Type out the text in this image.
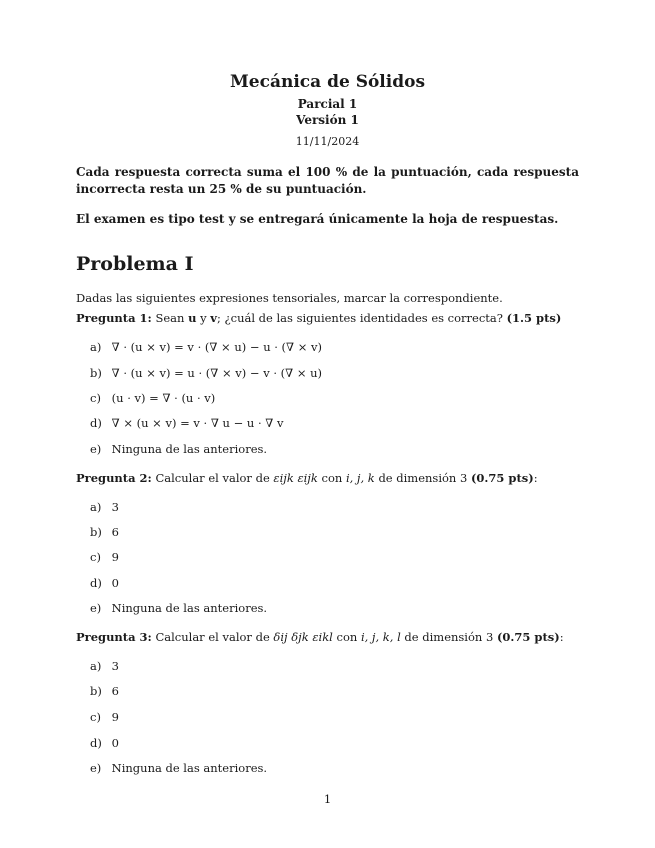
Mecánica de Sólidos
Parcial 1
Versión 1
11/11/2024
Cada respuesta correcta suma el 100 % de la puntuación, cada respuesta incorrecta resta un 25 % de su puntuación.
El examen es tipo test y se entregará únicamente la hoja de respuestas.
Problema I
Dadas las siguientes expresiones tensoriales, marcar la correspondiente.
Pregunta 1: Sean u y v; ¿cuál de las siguientes identidades es correcta? (1.5 pts)
a) ∇ · (u × v) = v · (∇ × u) − u · (∇ × v)
b) ∇ · (u × v) = u · (∇ × v) − v · (∇ × u)
c) (u · v) = ∇ · (u · v)
d) ∇ × (u × v) = v · ∇ u − u · ∇ v
e) Ninguna de las anteriores.
Pregunta 2: Calcular el valor de εijk εijk con i, j, k de dimensión 3 (0.75 pts):
a) 3
b) 6
c) 9
d) 0
e) Ninguna de las anteriores.
Pregunta 3: Calcular el valor de δij δjk εikl con i, j, k, l de dimensión 3 (0.75 pts):
a) 3
b) 6
c) 9
d) 0
e) Ninguna de las anteriores.
1
